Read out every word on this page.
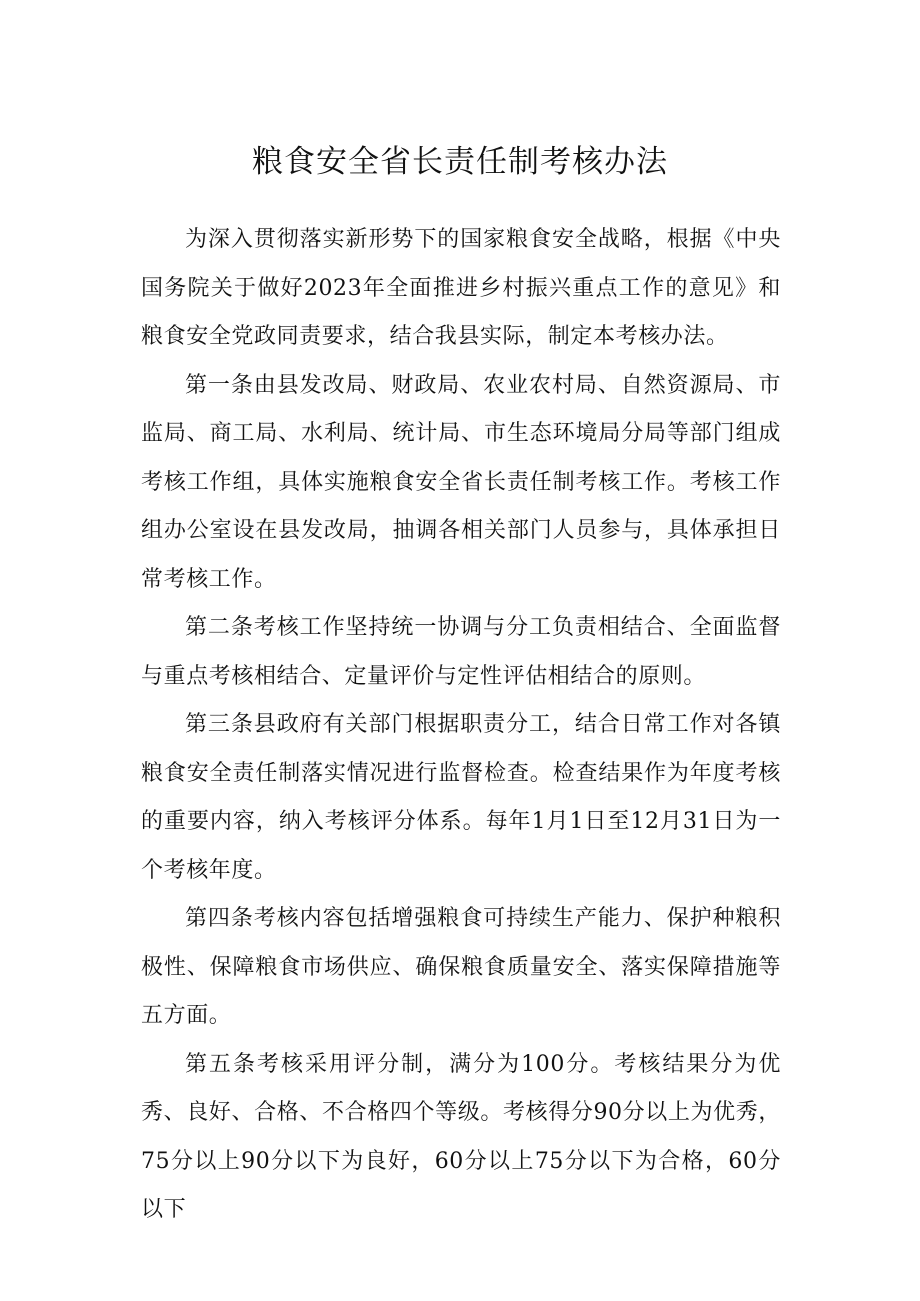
粮食安全省长责任制考核办法

为深入贯彻落实新形势下的国家粮食安全战略，根据《中央国务院关于做好2023年全面推进乡村振兴重点工作的意见》和粮食安全党政同责要求，结合我县实际，制定本考核办法。

第一条由县发改局、财政局、农业农村局、自然资源局、市监局、商工局、水利局、统计局、市生态环境局分局等部门组成考核工作组，具体实施粮食安全省长责任制考核工作。考核工作组办公室设在县发改局，抽调各相关部门人员参与，具体承担日常考核工作。

第二条考核工作坚持统一协调与分工负责相结合、全面监督与重点考核相结合、定量评价与定性评估相结合的原则。

第三条县政府有关部门根据职责分工，结合日常工作对各镇粮食安全责任制落实情况进行监督检查。检查结果作为年度考核的重要内容，纳入考核评分体系。每年1月1日至12月31日为一个考核年度。

第四条考核内容包括增强粮食可持续生产能力、保护种粮积极性、保障粮食市场供应、确保粮食质量安全、落实保障措施等五方面。

第五条考核采用评分制，满分为100分。考核结果分为优秀、良好、合格、不合格四个等级。考核得分90分以上为优秀，75分以上90分以下为良好，60分以上75分以下为合格，60分以下
